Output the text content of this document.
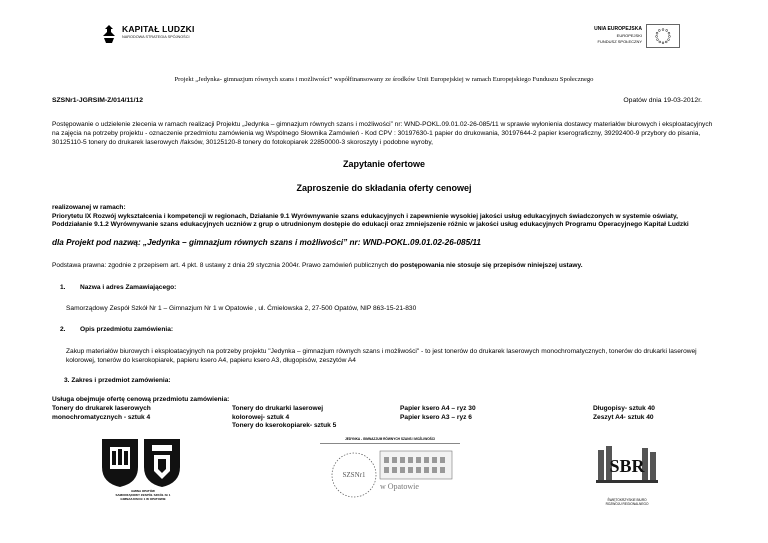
KAPITAŁ LUDZKI
NARODOWA STRATEGIA SPÓJNOŚCI
UNIA EUROPEJSKA
EUROPEJSKI
FUNDUSZ SPOŁECZNY
Projekt „Jedynka- gimnazjum równych szans i możliwości” współfinansowany ze środków Unii Europejskiej w ramach Europejskiego Funduszu Społecznego
SZSNr1-JGRSIM-Z/014/11/12	Opatów dnia 19-03-2012r.
Postępowanie o udzielenie zlecenia w ramach realizacji Projektu „Jedynka – gimnazjum równych szans i możliwości” nr: WND-POKL.09.01.02-26-085/11 w sprawie wyłonienia dostawcy materiałów biurowych i eksploatacyjnych na zajęcia na potrzeby projektu - oznaczenie przedmiotu zamówienia wg Wspólnego Słownika Zamówień - Kod CPV : 30197630-1 papier do drukowania, 30197644-2 papier kserograficzny, 39292400-9 przybory do pisania, 30125110-5 tonery do drukarek laserowych /faksów, 30125120-8 tonery do fotokopiarek 22850000-3 skoroszyty i podobne wyroby,
Zapytanie ofertowe
Zaproszenie do składania oferty cenowej
realizowanej w ramach:
Priorytetu IX Rozwój wykształcenia i kompetencji w regionach, Działanie 9.1 Wyrównywanie szans edukacyjnych i zapewnienie wysokiej jakości usług edukacyjnych świadczonych w systemie oświaty, Poddziałanie 9.1.2 Wyrównywanie szans edukacyjnych uczniów z grup o utrudnionym dostępie do edukacji oraz zmniejszenie różnic w jakości usług edukacyjnych Programu Operacyjnego Kapitał Ludzki
dla Projekt pod nazwą: „Jedynka – gimnazjum równych szans i możliwości” nr: WND-POKL.09.01.02-26-085/11
Podstawa prawna: zgodnie z przepisem art. 4 pkt. 8 ustawy z dnia 29 stycznia 2004r. Prawo zamówień publicznych do postępowania nie stosuje się przepisów niniejszej ustawy.
1. Nazwa i adres Zamawiającego:
Samorządowy Zespół Szkół Nr 1 – Gimnazjum Nr 1 w Opatowie , ul. Ćmielowska 2, 27-500 Opatów, NIP 863-15-21-830
2. Opis przedmiotu zamówienia:
Zakup materiałów biurowych i eksploatacyjnych na potrzeby projektu "Jedynka – gimnazjum równych szans i możliwości" - to jest tonerów do drukarek laserowych monochromatycznych, tonerów do drukarki laserowej kolorowej, tonerów do kserokopiarek, papieru ksero A4, papieru ksero A3, długopisów, zeszytów A4
3. Zakres i przedmiot zamówienia:
Usługa obejmuje ofertę cenową przedmiotu zamówienia:
Tonery do drukarek laserowych
monochromatycznych - sztuk 4
Tonery do drukarki laserowej
kolorowej- sztuk 4
Tonery do kserokopiarek- sztuk 5
Papier ksero A4 – ryz 30
Papier ksero A3 – ryz 6
Długopisy- sztuk 40
Zeszyt A4- sztuk 40
GMINA OPATÓW
SAMORZĄDOWY ZESPÓŁ SZKÓŁ Nr 1
GIMNAZJUM Nr 1 W OPATOWIE
JEDYNKA - GIMNAZJUM RÓWNYCH SZANS I MOŻLIWOŚCI
SZSNr1
w Opatowie
SBR
ŚWIĘTOKRZYSKIE BIURO
ROZWOJU REGIONALNEGO
